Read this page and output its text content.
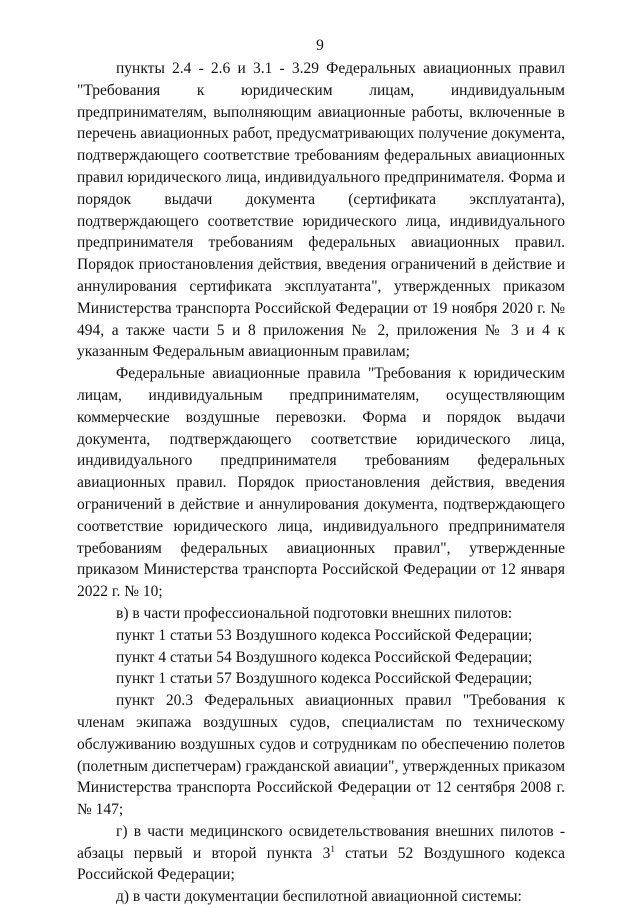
9

пункты 2.4 - 2.6 и 3.1 - 3.29 Федеральных авиационных правил "Требования к юридическим лицам, индивидуальным предпринимателям, выполняющим авиационные работы, включенные в перечень авиационных работ, предусматривающих получение документа, подтверждающего соответствие требованиям федеральных авиационных правил юридического лица, индивидуального предпринимателя. Форма и порядок выдачи документа (сертификата эксплуатанта), подтверждающего соответствие юридического лица, индивидуального предпринимателя требованиям федеральных авиационных правил. Порядок приостановления действия, введения ограничений в действие и аннулирования сертификата эксплуатанта", утвержденных приказом Министерства транспорта Российской Федерации от 19 ноября 2020 г. № 494, а также части 5 и 8 приложения № 2, приложения № 3 и 4 к указанным Федеральным авиационным правилам;

Федеральные авиационные правила "Требования к юридическим лицам, индивидуальным предпринимателям, осуществляющим коммерческие воздушные перевозки. Форма и порядок выдачи документа, подтверждающего соответствие юридического лица, индивидуального предпринимателя требованиям федеральных авиационных правил. Порядок приостановления действия, введения ограничений в действие и аннулирования документа, подтверждающего соответствие юридического лица, индивидуального предпринимателя требованиям федеральных авиационных правил", утвержденные приказом Министерства транспорта Российской Федерации от 12 января 2022 г. № 10;

в) в части профессиональной подготовки внешних пилотов:

пункт 1 статьи 53 Воздушного кодекса Российской Федерации;

пункт 4 статьи 54 Воздушного кодекса Российской Федерации;

пункт 1 статьи 57 Воздушного кодекса Российской Федерации;

пункт 20.3 Федеральных авиационных правил "Требования к членам экипажа воздушных судов, специалистам по техническому обслуживанию воздушных судов и сотрудникам по обеспечению полетов (полетным диспетчерам) гражданской авиации", утвержденных приказом Министерства транспорта Российской Федерации от 12 сентября 2008 г. № 147;

г) в части медицинского освидетельствования внешних пилотов - абзацы первый и второй пункта $3^1$ статьи 52 Воздушного кодекса Российской Федерации;

д) в части документации беспилотной авиационной системы:
